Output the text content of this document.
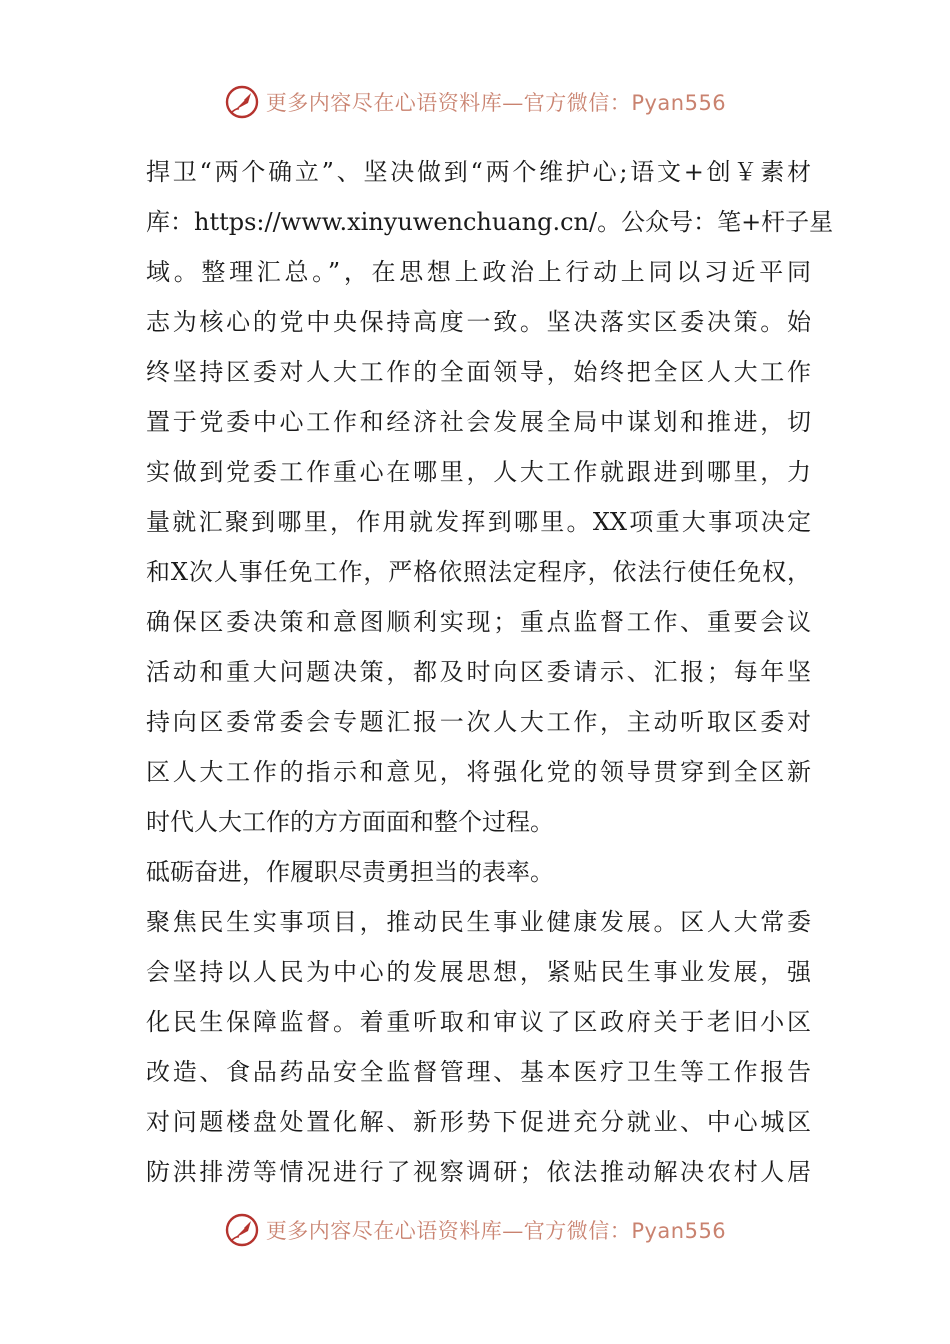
更多内容尽在心语资料库—官方微信：Pyan556
捍卫“两个确立”、坚决做到“两个维护心;语文+创￥素材
库：https://www.xinyuwenchuang.cn/。公众号：笔+杆子星
域。整理汇总。”，在思想上政治上行动上同以习近平同
志为核心的党中央保持高度一致。坚决落实区委决策。始
终坚持区委对人大工作的全面领导，始终把全区人大工作
置于党委中心工作和经济社会发展全局中谋划和推进，切
实做到党委工作重心在哪里，人大工作就跟进到哪里，力
量就汇聚到哪里，作用就发挥到哪里。XX项重大事项决定
和X次人事任免工作，严格依照法定程序，依法行使任免权，
确保区委决策和意图顺利实现；重点监督工作、重要会议
活动和重大问题决策，都及时向区委请示、汇报；每年坚
持向区委常委会专题汇报一次人大工作，主动听取区委对
区人大工作的指示和意见，将强化党的领导贯穿到全区新
时代人大工作的方方面面和整个过程。
砥砺奋进，作履职尽责勇担当的表率。
聚焦民生实事项目，推动民生事业健康发展。区人大常委
会坚持以人民为中心的发展思想，紧贴民生事业发展，强
化民生保障监督。着重听取和审议了区政府关于老旧小区
改造、食品药品安全监督管理、基本医疗卫生等工作报告
对问题楼盘处置化解、新形势下促进充分就业、中心城区
防洪排涝等情况进行了视察调研；依法推动解决农村人居
更多内容尽在心语资料库—官方微信：Pyan556
